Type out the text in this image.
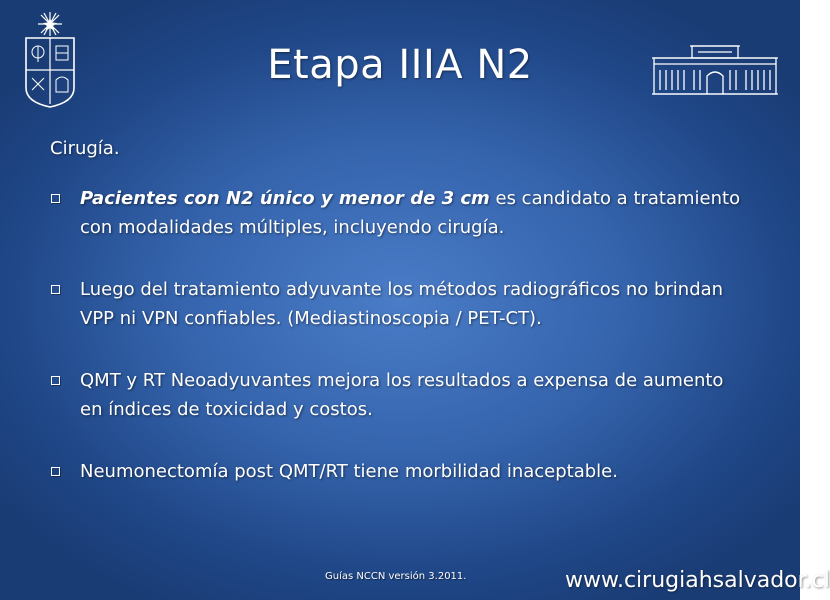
Etapa IIIA N2
Cirugía.
Pacientes con N2 único y menor de 3 cm es candidato a tratamiento con modalidades múltiples, incluyendo cirugía.
Luego del tratamiento adyuvante los métodos radiográficos no brindan VPP ni VPN confiables. (Mediastinoscopia / PET-CT).
QMT y RT Neoadyuvantes mejora los resultados a expensa de aumento en índices de toxicidad y costos.
Neumonectomía post QMT/RT tiene morbilidad inaceptable.
Guías NCCN versión 3.2011.	www.cirugiahsalvador.cl
